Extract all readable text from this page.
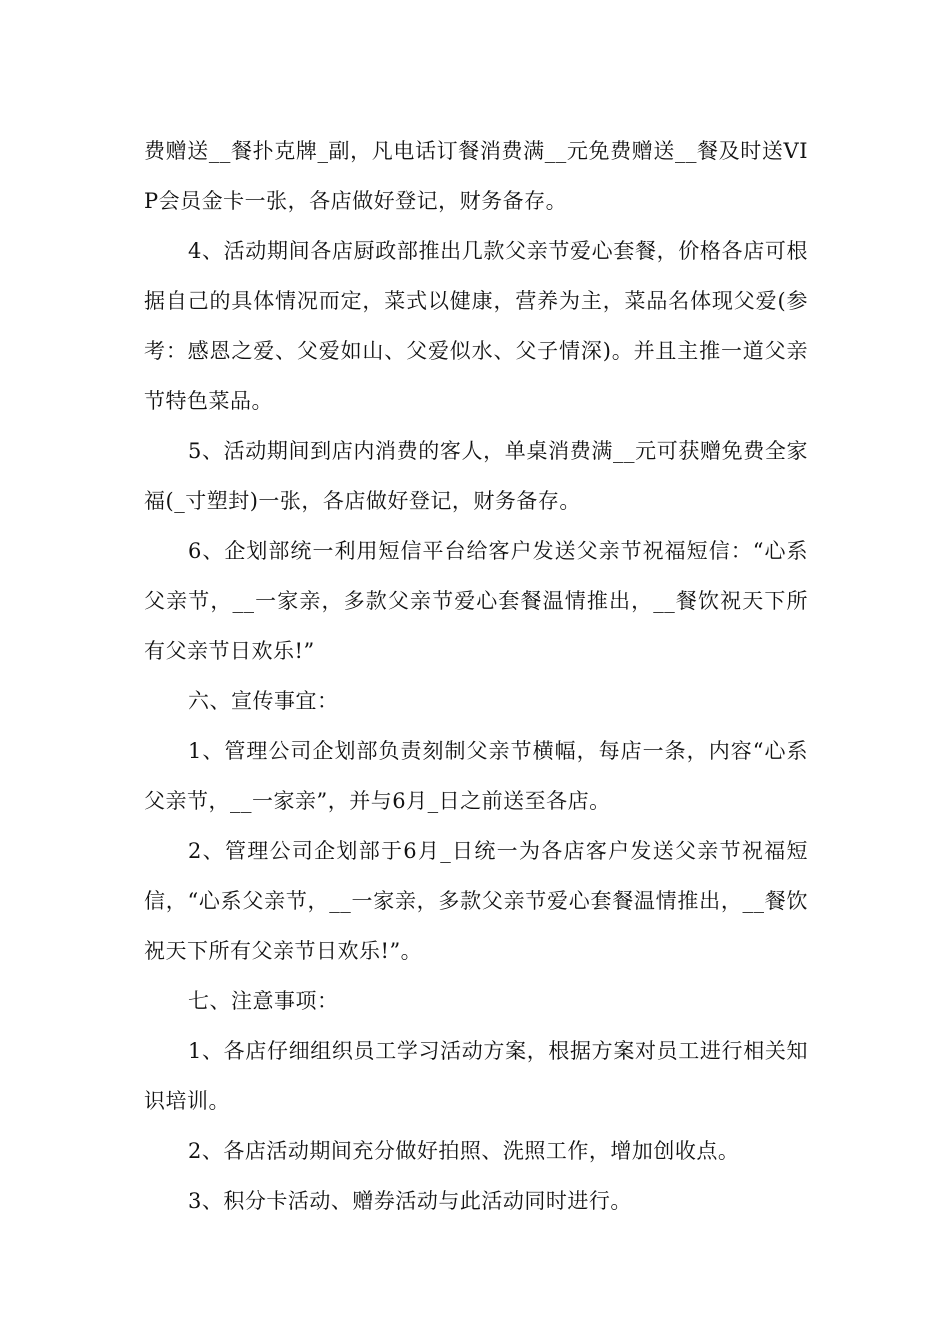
费赠送__餐扑克牌_副，凡电话订餐消费满__元免费赠送__餐及时送VIP会员金卡一张，各店做好登记，财务备存。

4、活动期间各店厨政部推出几款父亲节爱心套餐，价格各店可根据自己的具体情况而定，菜式以健康，营养为主，菜品名体现父爱(参考：感恩之爱、父爱如山、父爱似水、父子情深)。并且主推一道父亲节特色菜品。

5、活动期间到店内消费的客人，单桌消费满__元可获赠免费全家福(_寸塑封)一张，各店做好登记，财务备存。

6、企划部统一利用短信平台给客户发送父亲节祝福短信：“心系父亲节，__一家亲，多款父亲节爱心套餐温情推出，__餐饮祝天下所有父亲节日欢乐!”

六、宣传事宜：

1、管理公司企划部负责刻制父亲节横幅，每店一条，内容“心系父亲节，__一家亲”，并与6月_日之前送至各店。

2、管理公司企划部于6月_日统一为各店客户发送父亲节祝福短信，“心系父亲节，__一家亲，多款父亲节爱心套餐温情推出，__餐饮祝天下所有父亲节日欢乐!”。

七、注意事项：

1、各店仔细组织员工学习活动方案，根据方案对员工进行相关知识培训。

2、各店活动期间充分做好拍照、洗照工作，增加创收点。

3、积分卡活动、赠券活动与此活动同时进行。
